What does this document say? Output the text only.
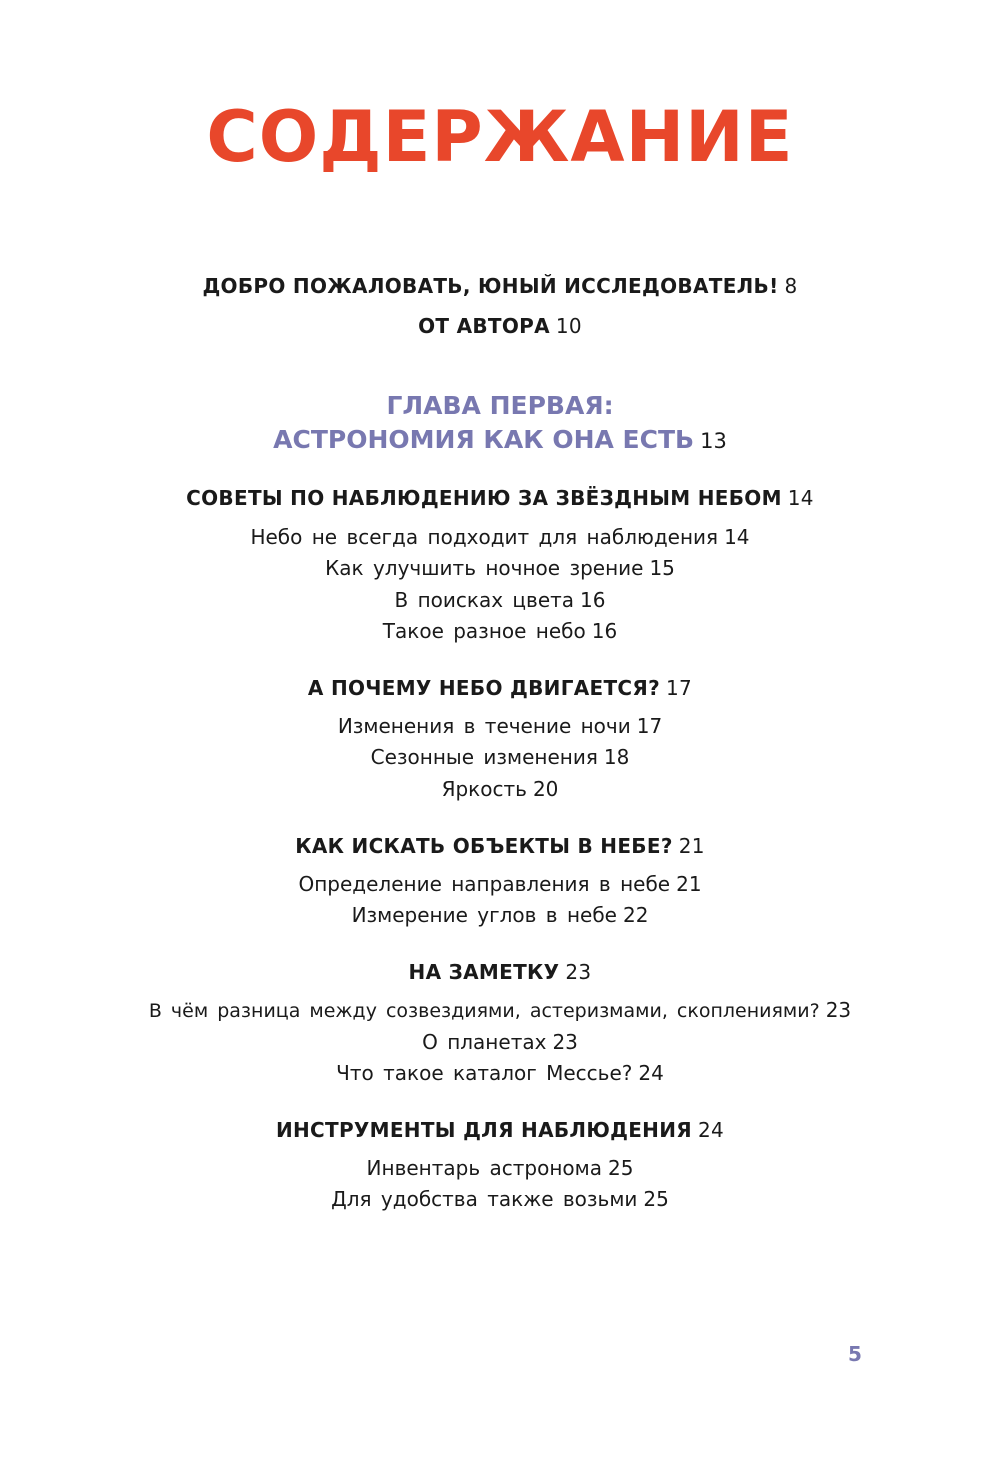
СОДЕРЖАНИЕ
ДОБРО ПОЖАЛОВАТЬ, ЮНЫЙ ИССЛЕДОВАТЕЛЬ! 8
ОТ АВТОРА 10
ГЛАВА ПЕРВАЯ:
АСТРОНОМИЯ КАК ОНА ЕСТЬ 13
СОВЕТЫ ПО НАБЛЮДЕНИЮ ЗА ЗВЁЗДНЫМ НЕБОМ 14
Небо не всегда подходит для наблюдения 14
Как улучшить ночное зрение 15
В поисках цвета 16
Такое разное небо 16
А ПОЧЕМУ НЕБО ДВИГАЕТСЯ? 17
Изменения в течение ночи 17
Сезонные изменения 18
Яркость 20
КАК ИСКАТЬ ОБЪЕКТЫ В НЕБЕ? 21
Определение направления в небе 21
Измерение углов в небе 22
НА ЗАМЕТКУ 23
В чём разница между созвездиями, астеризмами, скоплениями? 23
О планетах 23
Что такое каталог Мессье? 24
ИНСТРУМЕНТЫ ДЛЯ НАБЛЮДЕНИЯ 24
Инвентарь астронома 25
Для удобства также возьми 25
5
